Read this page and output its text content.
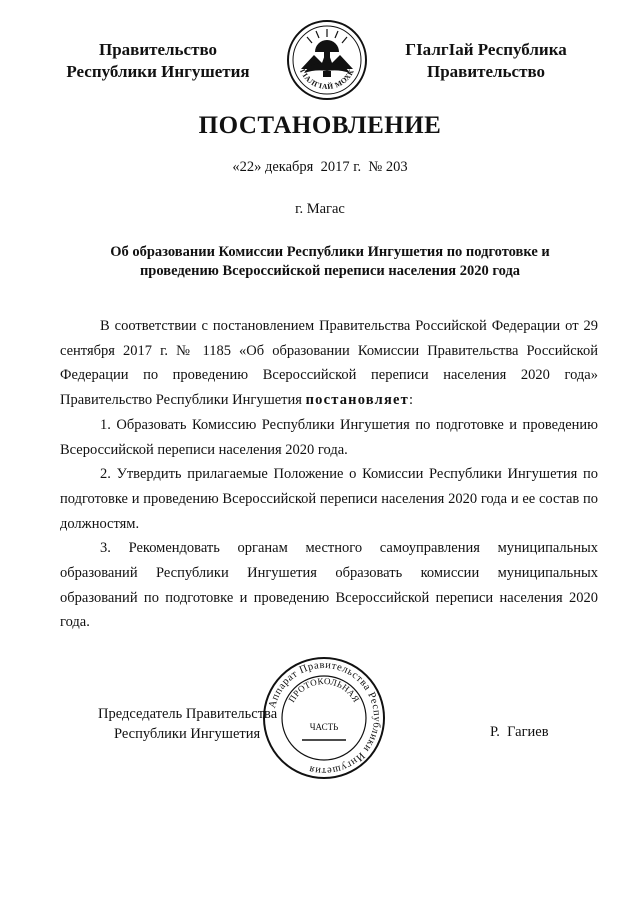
Правительство
Республики Ингушетия	ГIАЛГIАЙ МОХК
ГIалгIай Республика
Правительство
ПОСТАНОВЛЕНИЕ
«22» декабря  2017 г.  № 203
г. Магас
Об образовании Комиссии Республики Ингушетия по подготовке и
проведению Всероссийской переписи населения 2020 года

В соответствии с постановлением Правительства Российской Федерации от 29 сентября 2017 г. № 1185 «Об образовании Комиссии Правительства Российской Федерации по проведению Всероссийской переписи населения 2020 года» Правительство Республики Ингушетия постановляет:

1. Образовать Комиссию Республики Ингушетия по подготовке и проведению Всероссийской переписи населения 2020 года.

2. Утвердить прилагаемые Положение о Комиссии Республики Ингушетия по подготовке и проведению Всероссийской переписи населения 2020 года и ее состав по должностям.

3. Рекомендовать органам местного самоуправления муниципальных образований Республики Ингушетия образовать комиссии муниципальных образований по подготовке и проведению Всероссийской переписи населения 2020 года.

Председатель Правительства
Республики Ингушетия
Аппарат Правительства Республики Ингушетия
ПРОТОКОЛЬНАЯ
ЧАСТЬ	Р.  Гагиев
